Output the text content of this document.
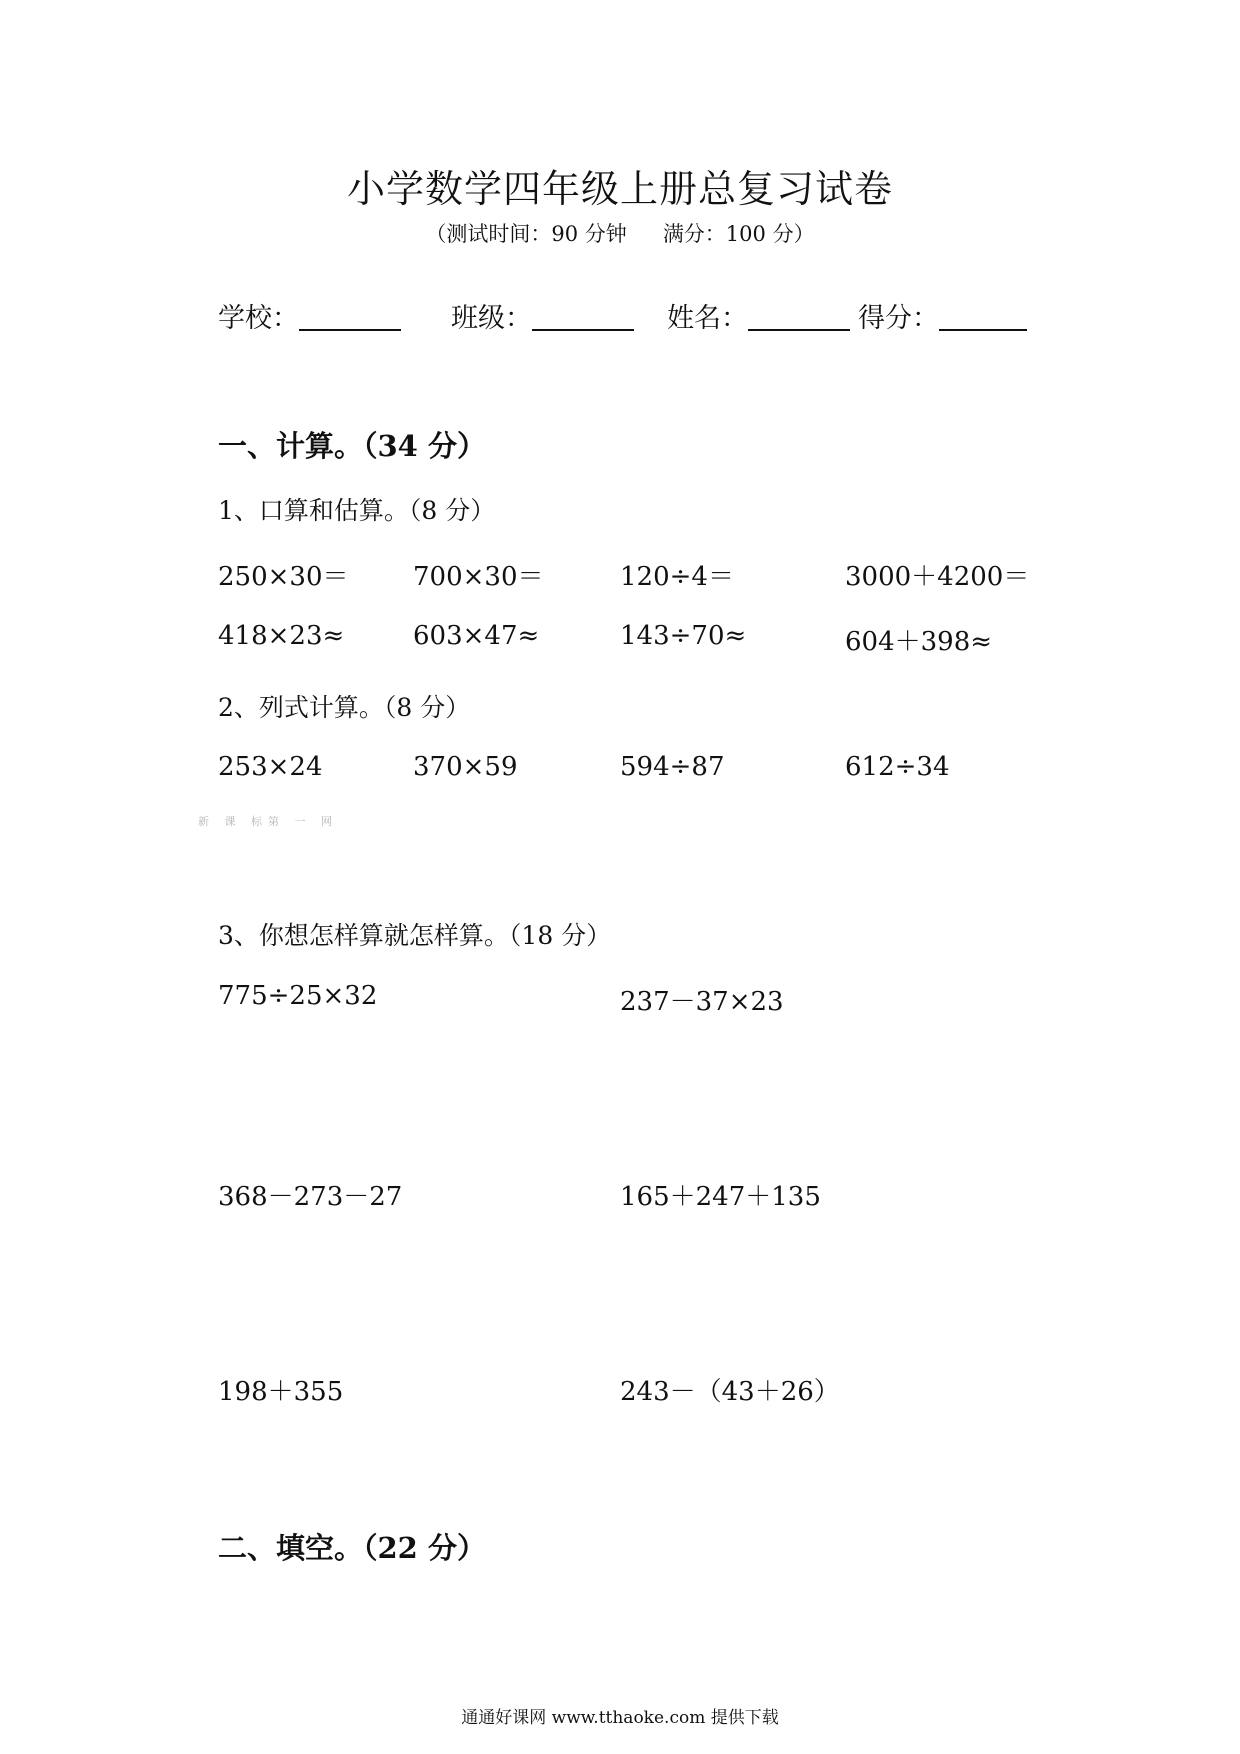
小学数学四年级上册总复习试卷
（测试时间：90 分钟 满分：100 分）
学校：	班级：	姓名：	得分：
一、计算。（34 分）
1、口算和估算。（8 分）
250×30＝ 700×30＝	120÷4＝	3000＋4200＝
418×23≈	603×47≈	143÷70≈	604＋398≈
2、列式计算。（8 分）
253×24	370×59	594÷87	612÷34
新 课 标第 一 网
3、你想怎样算就怎样算。（18 分）
775÷25×32	237－37×23
368－273－27	165＋247＋135
198＋355	243－（43＋26）
二、填空。（22 分）
通通好课网 www.tthaoke.com 提供下载
